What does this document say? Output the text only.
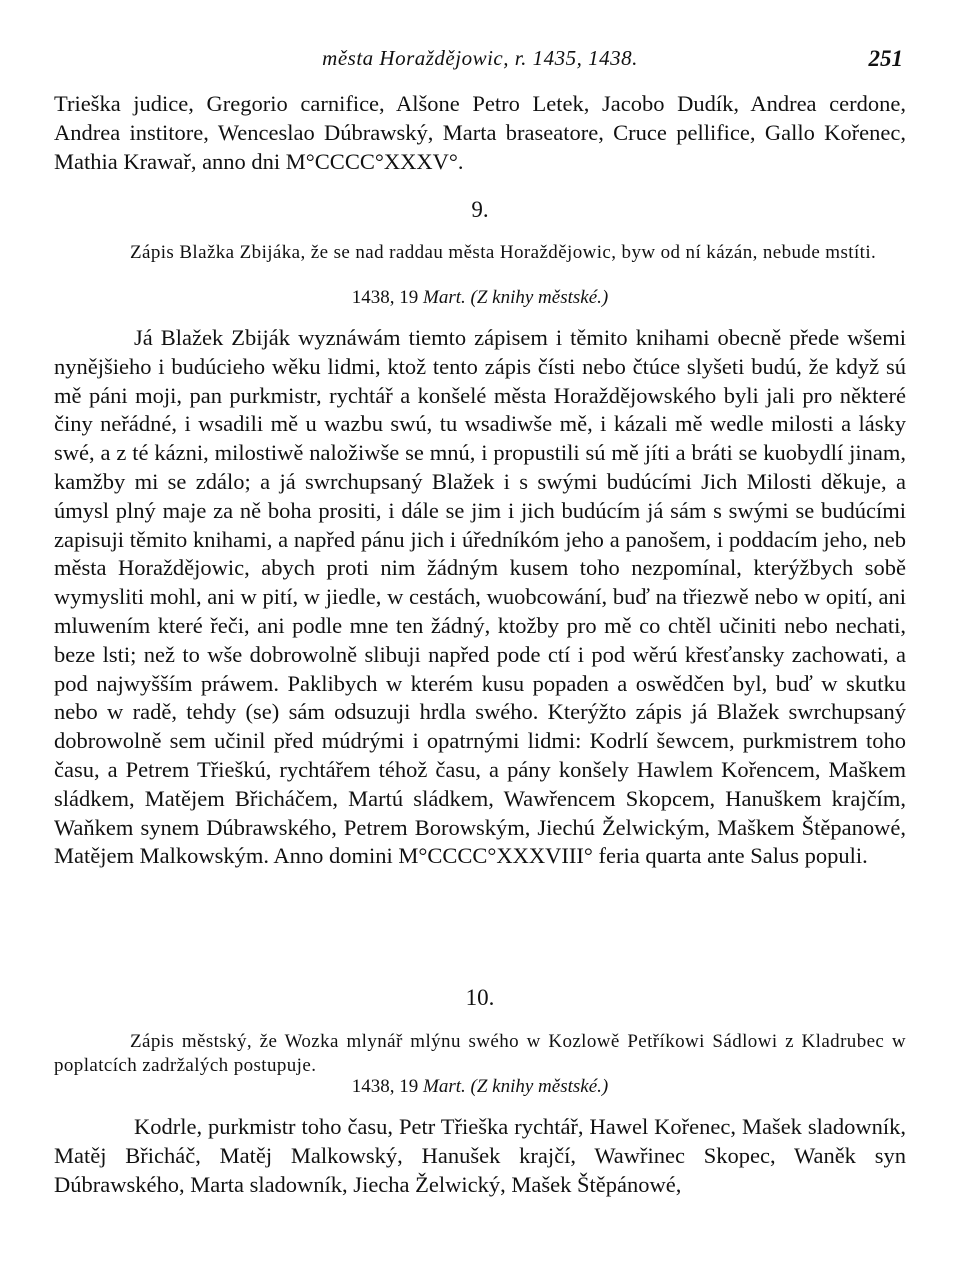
města Horaždějowic, r. 1435, 1438.	251

Trieška judice, Gregorio carnifice, Alšone Petro Letek, Jacobo Dudík, Andrea cerdone, Andrea institore, Wenceslao Dúbrawský, Marta braseatore, Cruce pellifice, Gallo Kořenec, Mathia Krawař, anno dni M°CCCC°XXXV°.

9.

Zápis Blažka Zbijáka, že se nad raddau města Horaždějowic, byw od ní kázán, nebude mstíti.

1438, 19 Mart. (Z knihy městské.)

Já Blažek Zbiják wyznáwám tiemto zápisem i těmito knihami obecně přede wšemi nynějšieho i budúcieho wěku lidmi, ktož tento zápis čísti nebo čtúce slyšeti budú, že když sú mě páni moji, pan purkmistr, rychtář a konšelé města Horaždějowského byli jali pro některé činy neřádné, i wsadili mě u wazbu swú, tu wsadiwše mě, i kázali mě wedle milosti a lásky swé, a z té kázni, milostiwě naložiwše se mnú, i propustili sú mě jíti a bráti se kuobydlí jinam, kamžby mi se zdálo; a já swrchupsaný Blažek i s swými budúcími Jich Milosti děkuje, a úmysl plný maje za ně boha prositi, i dále se jim i jich budúcím já sám s swými se budúcími zapisuji těmito knihami, a napřed pánu jich i úředníkóm jeho a panošem, i poddacím jeho, neb města Horaždějowic, abych proti nim žádným kusem toho nezpomínal, kterýžbych sobě wymysliti mohl, ani w pití, w jiedle, w cestách, wuobcowání, buď na třiezwě nebo w opití, ani mluwením které řeči, ani podle mne ten žádný, ktožby pro mě co chtěl učiniti nebo nechati, beze lsti; než to wše dobrowolně slibuji napřed pode ctí i pod wěrú křesťansky zachowati, a pod najwyšším práwem. Paklibych w kterém kusu popaden a oswědčen byl, buď w skutku nebo w radě, tehdy (se) sám odsuzuji hrdla swého. Kterýžto zápis já Blažek swrchupsaný dobrowolně sem učinil před múdrými i opatrnými lidmi: Kodrlí šewcem, purkmistrem toho času, a Petrem Třieškú, rychtářem téhož času, a pány konšely Hawlem Kořencem, Maškem sládkem, Matějem Břicháčem, Martú sládkem, Wawřencem Skopcem, Hanuškem krajčím, Waňkem synem Dúbrawského, Petrem Borowským, Jiechú Želwickým, Maškem Štěpanowé, Matějem Malkowským. Anno domini M°CCCC°XXXVIII° feria quarta ante Salus populi.

10.

Zápis městský, že Wozka mlynář mlýnu swého w Kozlowě Petříkowi Sádlowi z Kladrubec w poplatcích zadržalých postupuje.

1438, 19 Mart. (Z knihy městské.)

Kodrle, purkmistr toho času, Petr Třieška rychtář, Hawel Kořenec, Mašek sladowník, Matěj Břicháč, Matěj Malkowský, Hanušek krajčí, Wawřinec Skopec, Waněk syn Dúbrawského, Marta sladowník, Jiecha Želwický, Mašek Štěpánowé,
